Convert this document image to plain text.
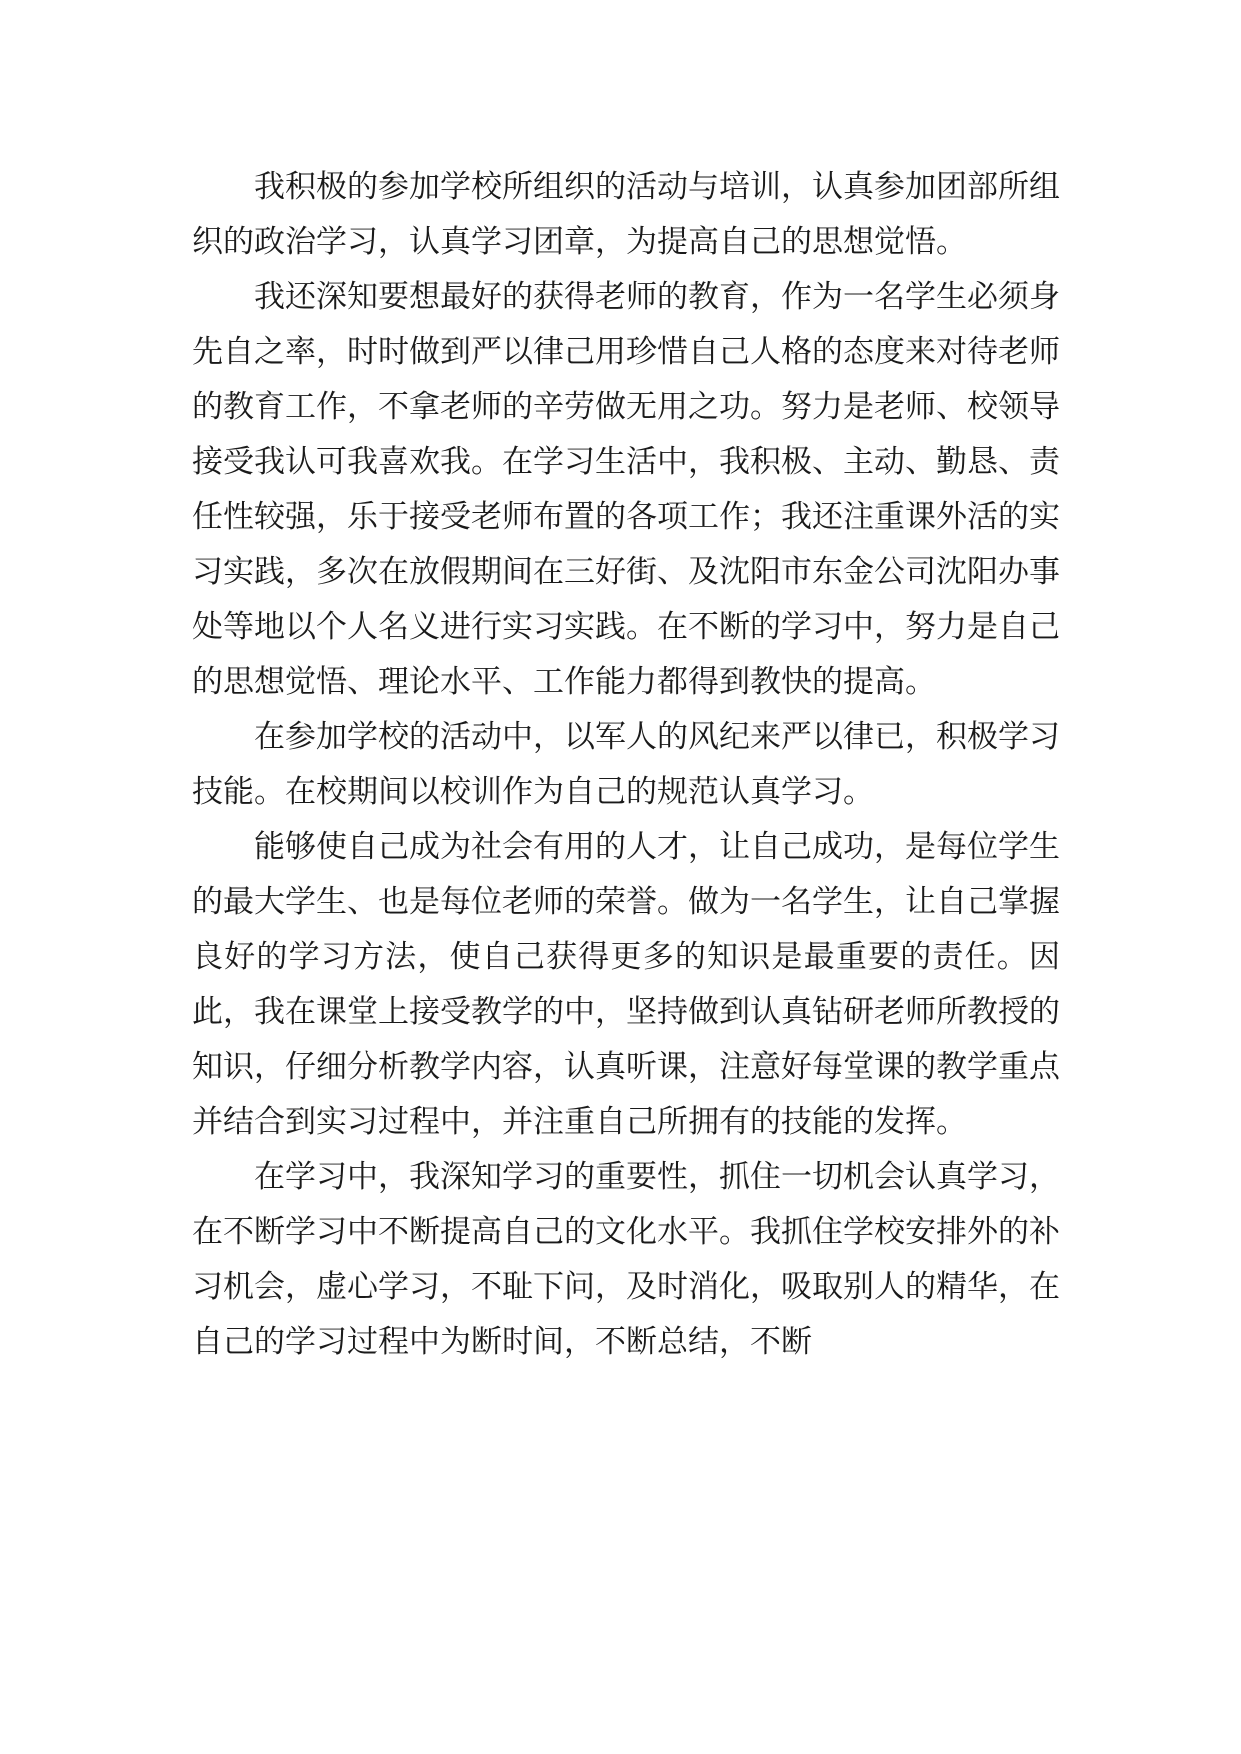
我积极的参加学校所组织的活动与培训，认真参加团部所组织的政治学习，认真学习团章，为提高自己的思想觉悟。

我还深知要想最好的获得老师的教育，作为一名学生必须身先自之率，时时做到严以律己用珍惜自己人格的态度来对待老师的教育工作，不拿老师的辛劳做无用之功。努力是老师、校领导接受我认可我喜欢我。在学习生活中，我积极、主动、勤恳、责任性较强，乐于接受老师布置的各项工作；我还注重课外活的实习实践，多次在放假期间在三好街、及沈阳市东金公司沈阳办事处等地以个人名义进行实习实践。在不断的学习中，努力是自己的思想觉悟、理论水平、工作能力都得到教快的提高。

在参加学校的活动中，以军人的风纪来严以律已，积极学习技能。在校期间以校训作为自己的规范认真学习。

能够使自己成为社会有用的人才，让自己成功，是每位学生的最大学生、也是每位老师的荣誉。做为一名学生，让自己掌握良好的学习方法，使自己获得更多的知识是最重要的责任。因此，我在课堂上接受教学的中，坚持做到认真钻研老师所教授的知识，仔细分析教学内容，认真听课，注意好每堂课的教学重点并结合到实习过程中，并注重自己所拥有的技能的发挥。

在学习中，我深知学习的重要性，抓住一切机会认真学习，在不断学习中不断提高自己的文化水平。我抓住学校安排外的补习机会，虚心学习，不耻下问，及时消化，吸取别人的精华，在自己的学习过程中为断时间，不断总结，不断
